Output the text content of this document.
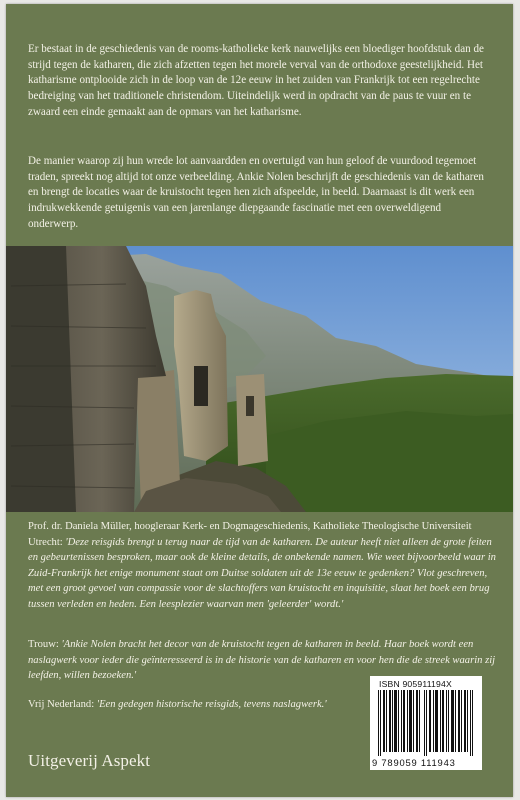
Er bestaat in de geschiedenis van de rooms-katholieke kerk nauwelijks een bloediger hoofdstuk dan de strijd tegen de katharen, die zich afzetten tegen het morele verval van de orthodoxe geestelijkheid. Het katharisme ontplooide zich in de loop van de 12e eeuw in het zuiden van Frankrijk tot een regelrechte bedreiging van het traditionele christendom. Uiteindelijk werd in opdracht van de paus te vuur en te zwaard een einde gemaakt aan de opmars van het katharisme.

De manier waarop zij hun wrede lot aanvaardden en overtuigd van hun geloof de vuurdood tegemoet traden, spreekt nog altijd tot onze verbeelding. Ankie Nolen beschrijft de geschiedenis van de katharen en brengt de locaties waar de kruistocht tegen hen zich afspeelde, in beeld. Daarnaast is dit werk een indrukwekkende getuigenis van een jarenlange diepgaande fascinatie met een overweldigend onderwerp.

Prof. dr. Daniela Müller, hoogleraar Kerk- en Dogmageschiedenis, Katholieke Theologische Universiteit Utrecht: 'Deze reisgids brengt u terug naar de tijd van de katharen. De auteur heeft niet alleen de grote feiten en gebeurtenissen besproken, maar ook de kleine details, de onbekende namen. Wie weet bijvoorbeeld waar in Zuid-Frankrijk het enige monument staat om Duitse soldaten uit de 13e eeuw te gedenken? Vlot geschreven, met een groot gevoel van compassie voor de slachtoffers van kruistocht en inquisitie, slaat het boek een brug tussen verleden en heden. Een leesplezier waarvan men 'geleerder' wordt.'

Trouw: 'Ankie Nolen bracht het decor van de kruistocht tegen de katharen in beeld. Haar boek wordt een naslagwerk voor ieder die geïnteresseerd is in de historie van de katharen en voor hen die de streek waarin zij leefden, willen bezoeken.'

Vrij Nederland: 'Een gedegen historische reisgids, tevens naslagwerk.'

Uitgeverij Aspekt
ISBN 905911194X
9 789059 111943
